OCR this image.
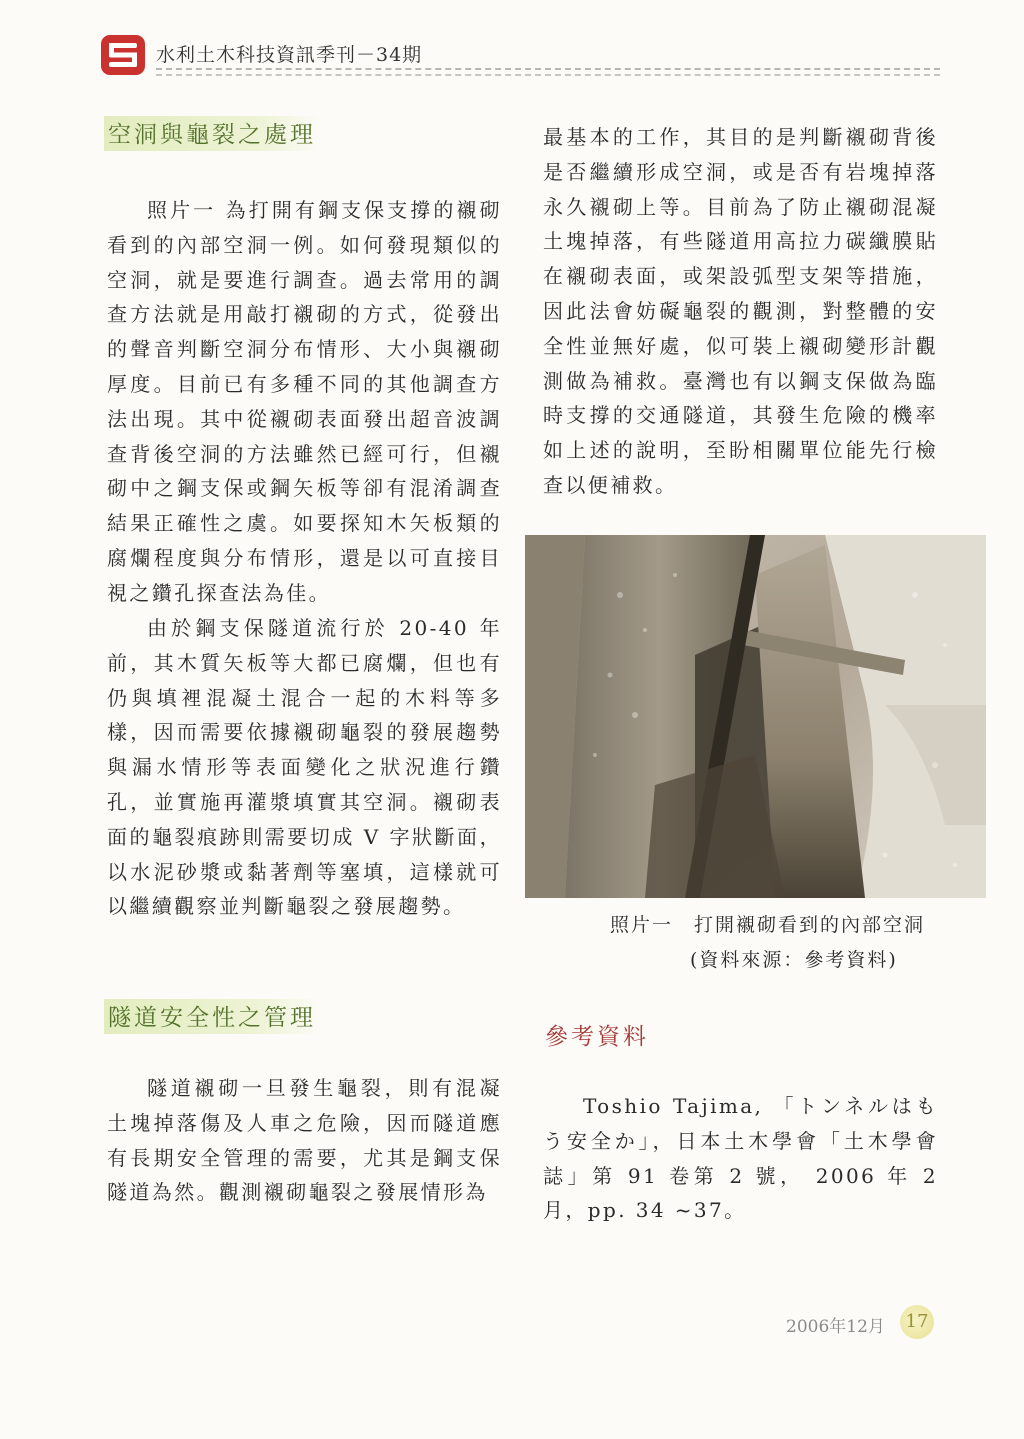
水利土木科技資訊季刊－34期
空洞與龜裂之處理

照片一 為打開有鋼支保支撐的襯砌看到的內部空洞一例。如何發現類似的空洞，就是要進行調查。過去常用的調查方法就是用敲打襯砌的方式，從發出的聲音判斷空洞分布情形、大小與襯砌厚度。目前已有多種不同的其他調查方法出現。其中從襯砌表面發出超音波調查背後空洞的方法雖然已經可行，但襯砌中之鋼支保或鋼矢板等卻有混淆調查結果正確性之虞。如要探知木矢板類的腐爛程度與分布情形，還是以可直接目視之鑽孔探查法為佳。

由於鋼支保隧道流行於 20-40 年前，其木質矢板等大都已腐爛，但也有仍與填裡混凝土混合一起的木料等多樣，因而需要依據襯砌龜裂的發展趨勢與漏水情形等表面變化之狀況進行鑽孔，並實施再灌漿填實其空洞。襯砌表面的龜裂痕跡則需要切成 V 字狀斷面，以水泥砂漿或黏著劑等塞填，這樣就可以繼續觀察並判斷龜裂之發展趨勢。

隧道安全性之管理

隧道襯砌一旦發生龜裂，則有混凝土塊掉落傷及人車之危險，因而隧道應有長期安全管理的需要，尤其是鋼支保隧道為然。觀測襯砌龜裂之發展情形為

最基本的工作，其目的是判斷襯砌背後是否繼續形成空洞，或是否有岩塊掉落永久襯砌上等。目前為了防止襯砌混凝土塊掉落，有些隧道用高拉力碳纖膜貼在襯砌表面，或架設弧型支架等措施，因此法會妨礙龜裂的觀測，對整體的安全性並無好處，似可裝上襯砌變形計觀測做為補救。臺灣也有以鋼支保做為臨時支撐的交通隧道，其發生危險的機率如上述的說明，至盼相關單位能先行檢查以便補救。

照片一　打開襯砌看到的內部空洞
(資料來源：參考資料)
參考資料

Toshio Tajima, 「トンネルはもう安全か」，日本土木學會「土木學會誌」第 91 卷第 2 號， 2006 年 2 月，pp. 34 ~37。

2006年12月	17
